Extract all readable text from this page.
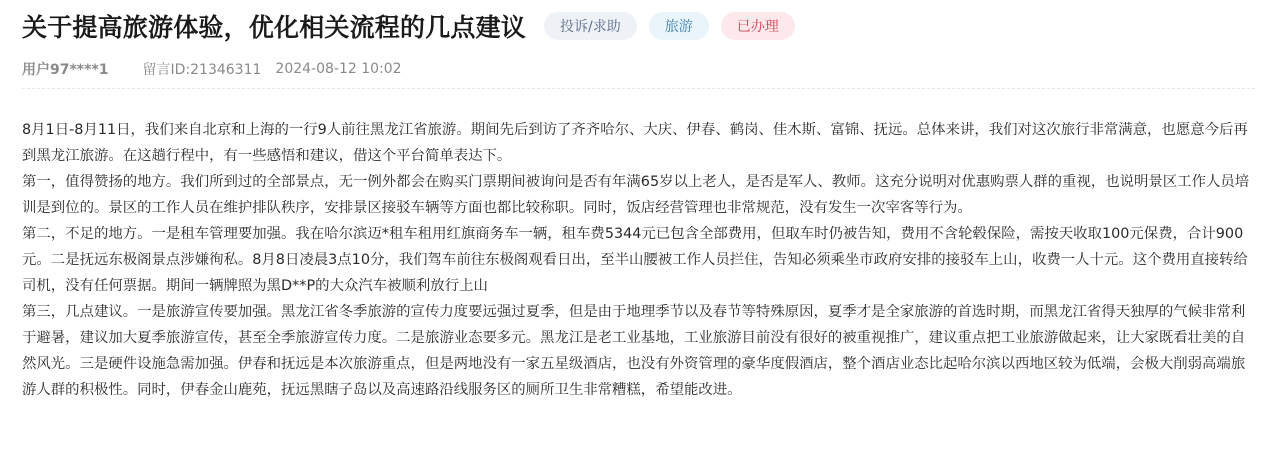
关于提高旅游体验，优化相关流程的几点建议	投诉/求助	旅游	已办理
用户97****1 留言ID:21346311 2024-08-12 10:02

8月1日-8月11日，我们来自北京和上海的一行9人前往黑龙江省旅游。期间先后到访了齐齐哈尔、大庆、伊春、鹤岗、佳木斯、富锦、抚远。总体来讲，我们对这次旅行非常满意，也愿意今后再到黑龙江旅游。在这趟行程中，有一些感悟和建议，借这个平台简单表达下。

第一，值得赞扬的地方。我们所到过的全部景点，无一例外都会在购买门票期间被询问是否有年满65岁以上老人，是否是军人、教师。这充分说明对优惠购票人群的重视，也说明景区工作人员培训是到位的。景区的工作人员在维护排队秩序，安排景区接驳车辆等方面也都比较称职。同时，饭店经营管理也非常规范，没有发生一次宰客等行为。

第二，不足的地方。一是租车管理要加强。我在哈尔滨迈*租车租用红旗商务车一辆，租车费5344元已包含全部费用，但取车时仍被告知，费用不含轮毂保险，需按天收取100元保费，合计900元。二是抚远东极阁景点涉嫌徇私。8月8日凌晨3点10分，我们驾车前往东极阁观看日出，至半山腰被工作人员拦住，告知必须乘坐市政府安排的接驳车上山，收费一人十元。这个费用直接转给司机，没有任何票据。期间一辆牌照为黑D**P的大众汽车被顺利放行上山

第三，几点建议。一是旅游宣传要加强。黑龙江省冬季旅游的宣传力度要远强过夏季，但是由于地理季节以及春节等特殊原因，夏季才是全家旅游的首选时期，而黑龙江省得天独厚的气候非常利于避暑，建议加大夏季旅游宣传，甚至全季旅游宣传力度。二是旅游业态要多元。黑龙江是老工业基地，工业旅游目前没有很好的被重视推广，建议重点把工业旅游做起来，让大家既看壮美的自然风光。三是硬件设施急需加强。伊春和抚远是本次旅游重点，但是两地没有一家五星级酒店，也没有外资管理的豪华度假酒店，整个酒店业态比起哈尔滨以西地区较为低端，会极大削弱高端旅游人群的积极性。同时，伊春金山鹿苑，抚远黑瞎子岛以及高速路沿线服务区的厕所卫生非常糟糕，希望能改进。
